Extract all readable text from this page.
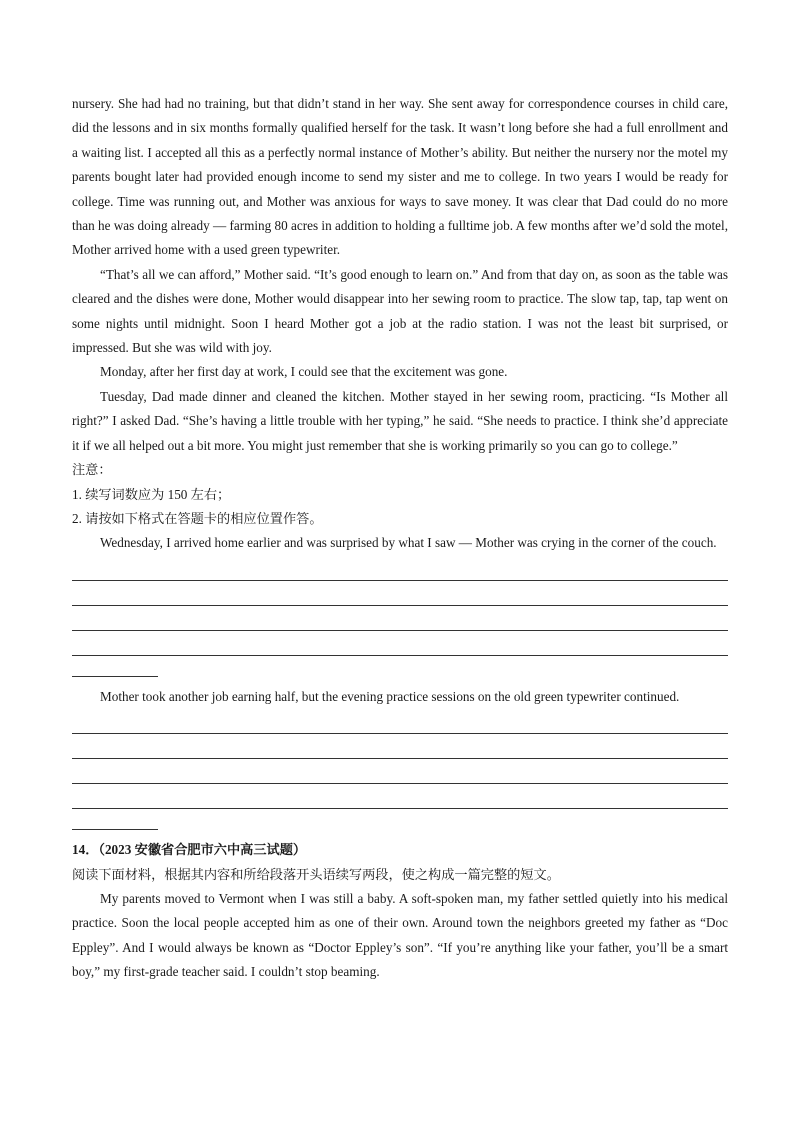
nursery. She had had no training, but that didn’t stand in her way. She sent away for correspondence courses in child care, did the lessons and in six months formally qualified herself for the task. It wasn’t long before she had a full enrollment and a waiting list. I accepted all this as a perfectly normal instance of Mother’s ability. But neither the nursery nor the motel my parents bought later had provided enough income to send my sister and me to college. In two years I would be ready for college. Time was running out, and Mother was anxious for ways to save money. It was clear that Dad could do no more than he was doing already — farming 80 acres in addition to holding a fulltime job. A few months after we’d sold the motel, Mother arrived home with a used green typewriter.

“That’s all we can afford,” Mother said. “It’s good enough to learn on.” And from that day on, as soon as the table was cleared and the dishes were done, Mother would disappear into her sewing room to practice. The slow tap, tap, tap went on some nights until midnight. Soon I heard Mother got a job at the radio station. I was not the least bit surprised, or impressed. But she was wild with joy.

Monday, after her first day at work, I could see that the excitement was gone.

Tuesday, Dad made dinner and cleaned the kitchen. Mother stayed in her sewing room, practicing. “Is Mother all right?” I asked Dad. “She’s having a little trouble with her typing,” he said. “She needs to practice. I think she’d appreciate it if we all helped out a bit more. You might just remember that she is working primarily so you can go to college.”

注意：

1. 续写词数应为 150 左右；

2. 请按如下格式在答题卡的相应位置作答。

Wednesday, I arrived home earlier and was surprised by what I saw — Mother was crying in the corner of the couch.

Mother took another job earning half, but the evening practice sessions on the old green typewriter continued.

14．（2023 安徽省合肥市六中高三试题）

阅读下面材料，根据其内容和所给段落开头语续写两段，使之构成一篇完整的短文。

My parents moved to Vermont when I was still a baby. A soft-spoken man, my father settled quietly into his medical practice. Soon the local people accepted him as one of their own. Around town the neighbors greeted my father as “Doc Eppley”. And I would always be known as “Doctor Eppley’s son”. “If you’re anything like your father, you’ll be a smart boy,” my first-grade teacher said. I couldn’t stop beaming.
